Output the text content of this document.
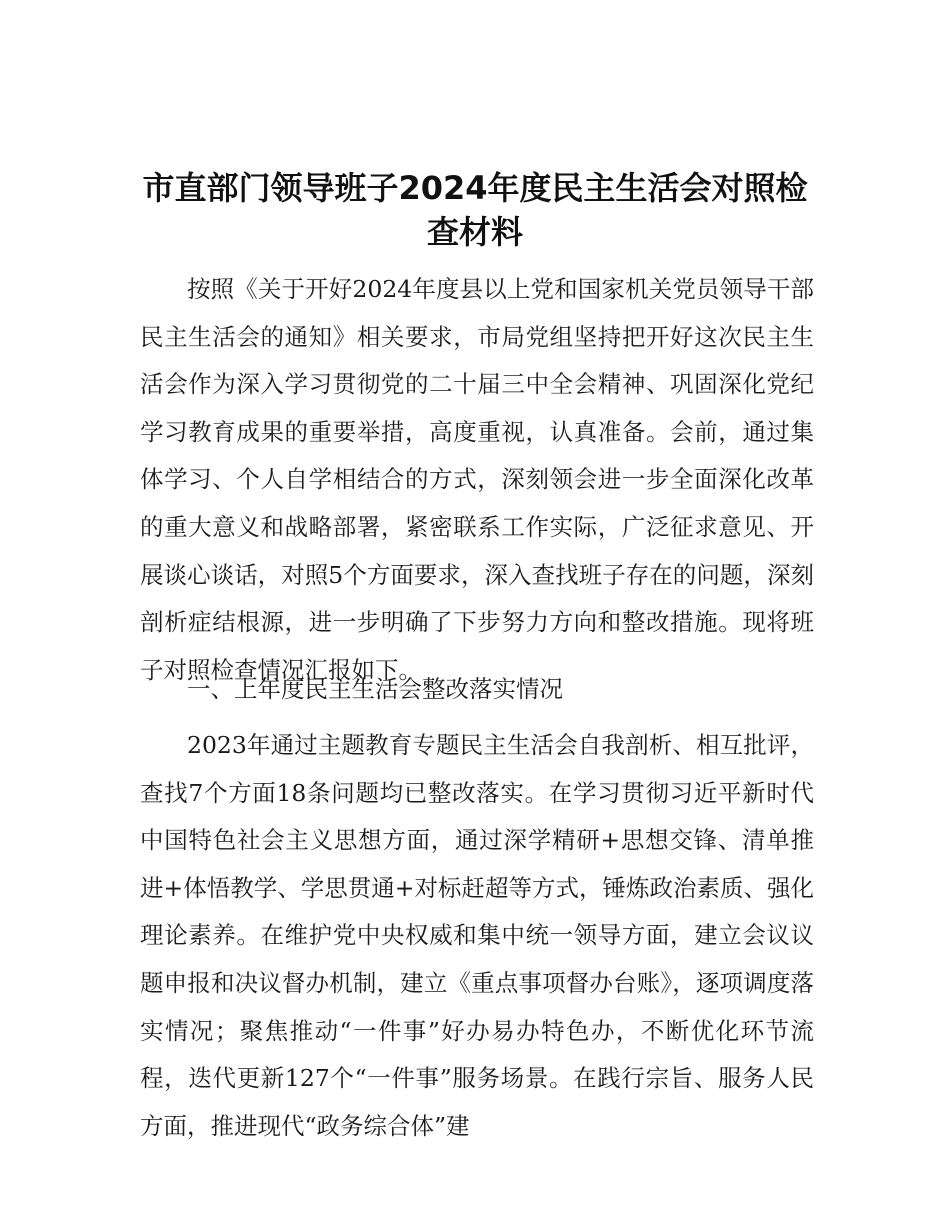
市直部门领导班子2024年度民主生活会对照检查材料

按照《关于开好2024年度县以上党和国家机关党员领导干部民主生活会的通知》相关要求，市局党组坚持把开好这次民主生活会作为深入学习贯彻党的二十届三中全会精神、巩固深化党纪学习教育成果的重要举措，高度重视，认真准备。会前，通过集体学习、个人自学相结合的方式，深刻领会进一步全面深化改革的重大意义和战略部署，紧密联系工作实际，广泛征求意见、开展谈心谈话，对照5个方面要求，深入查找班子存在的问题，深刻剖析症结根源，进一步明确了下步努力方向和整改措施。现将班子对照检查情况汇报如下。

一、上年度民主生活会整改落实情况

2023年通过主题教育专题民主生活会自我剖析、相互批评，查找7个方面18条问题均已整改落实。在学习贯彻习近平新时代中国特色社会主义思想方面，通过深学精研+思想交锋、清单推进+体悟教学、学思贯通+对标赶超等方式，锤炼政治素质、强化理论素养。在维护党中央权威和集中统一领导方面，建立会议议题申报和决议督办机制，建立《重点事项督办台账》，逐项调度落实情况；聚焦推动“一件事”好办易办特色办，不断优化环节流程，迭代更新127个“一件事”服务场景。在践行宗旨、服务人民方面，推进现代“政务综合体”建
